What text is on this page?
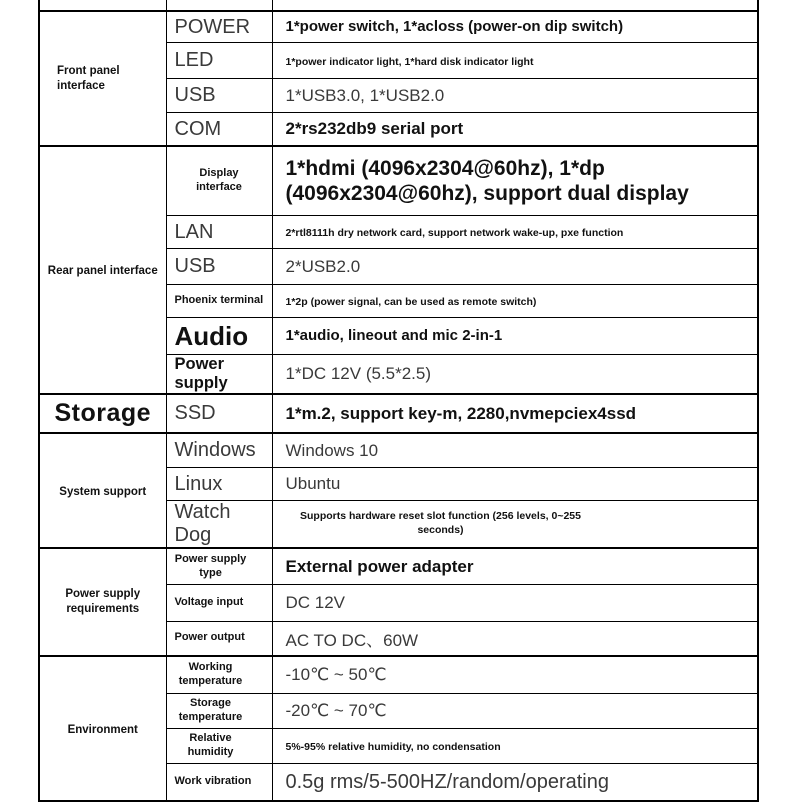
Front panel interface	POWER	1*power switch, 1*acloss (power-on dip switch)
	LED	1*power indicator light, 1*hard disk indicator light
	USB	1*USB3.0, 1*USB2.0
	COM	2*rs232db9 serial port
Rear panel interface	Display interface	1*hdmi (4096x2304@60hz), 1*dp (4096x2304@60hz), support dual display
	LAN	2*rtl8111h dry network card, support network wake-up, pxe function
	USB	2*USB2.0
	Phoenix terminal	1*2p (power signal, can be used as remote switch)
	Audio	1*audio, lineout and mic 2-in-1
	Power supply	1*DC 12V (5.5*2.5)
Storage	SSD	1*m.2, support key-m, 2280,nvmepciex4ssd
System support	Windows	Windows 10
	Linux	Ubuntu
	Watch Dog	Supports hardware reset slot function (256 levels, 0~255 seconds)
Power supply requirements	Power supply type	External power adapter
	Voltage input	DC 12V
	Power output	AC TO DC、60W
Environment	Working temperature	-10℃ ~ 50℃
	Storage temperature	-20℃ ~ 70℃
	Relative humidity	5%-95% relative humidity, no condensation
	Work vibration	0.5g rms/5-500HZ/random/operating
